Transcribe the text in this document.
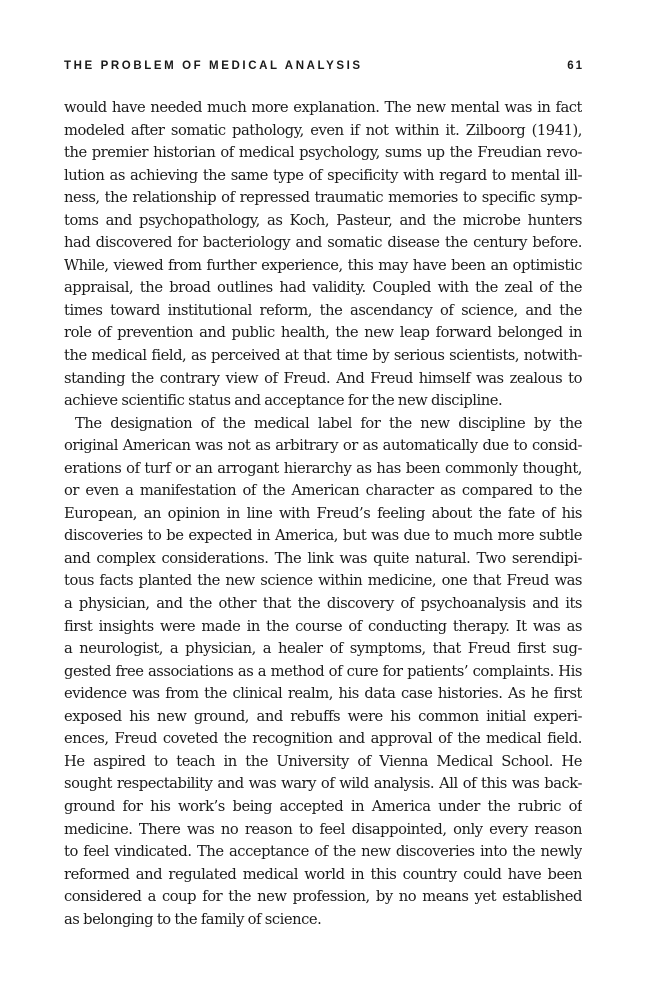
THE PROBLEM OF MEDICAL ANALYSIS	61
would have needed much more explanation. The new mental was in fact
modeled after somatic pathology, even if not within it. Zilboorg (1941),
the premier historian of medical psychology, sums up the Freudian revo-
lution as achieving the same type of specificity with regard to mental ill-
ness, the relationship of repressed traumatic memories to specific symp-
toms and psychopathology, as Koch, Pasteur, and the microbe hunters
had discovered for bacteriology and somatic disease the century before.
While, viewed from further experience, this may have been an optimistic
appraisal, the broad outlines had validity. Coupled with the zeal of the
times toward institutional reform, the ascendancy of science, and the
role of prevention and public health, the new leap forward belonged in
the medical field, as perceived at that time by serious scientists, notwith-
standing the contrary view of Freud. And Freud himself was zealous to
achieve scientific status and acceptance for the new discipline.
The designation of the medical label for the new discipline by the
original American was not as arbitrary or as automatically due to consid-
erations of turf or an arrogant hierarchy as has been commonly thought,
or even a manifestation of the American character as compared to the
European, an opinion in line with Freud’s feeling about the fate of his
discoveries to be expected in America, but was due to much more subtle
and complex considerations. The link was quite natural. Two serendipi-
tous facts planted the new science within medicine, one that Freud was
a physician, and the other that the discovery of psychoanalysis and its
first insights were made in the course of conducting therapy. It was as
a neurologist, a physician, a healer of symptoms, that Freud first sug-
gested free associations as a method of cure for patients’ complaints. His
evidence was from the clinical realm, his data case histories. As he first
exposed his new ground, and rebuffs were his common initial experi-
ences, Freud coveted the recognition and approval of the medical field.
He aspired to teach in the University of Vienna Medical School. He
sought respectability and was wary of wild analysis. All of this was back-
ground for his work’s being accepted in America under the rubric of
medicine. There was no reason to feel disappointed, only every reason
to feel vindicated. The acceptance of the new discoveries into the newly
reformed and regulated medical world in this country could have been
considered a coup for the new profession, by no means yet established
as belonging to the family of science.
